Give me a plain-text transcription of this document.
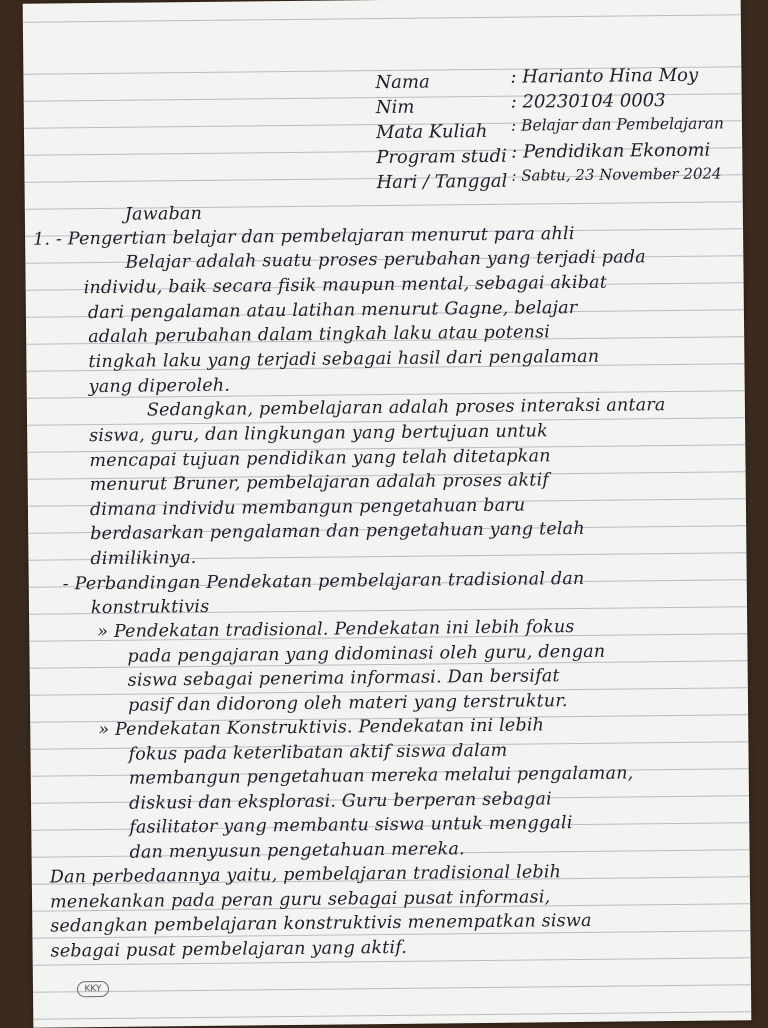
Nama	: Harianto Hina Moy
Nim	: 20230104 0003
Mata Kuliah : Belajar dan Pembelajaran
Program studi : Pendidikan Ekonomi
Hari / Tanggal : Sabtu, 23 November 2024
Jawaban
1. - Pengertian belajar dan pembelajaran menurut para ahli
Belajar adalah suatu proses perubahan yang terjadi pada
individu, baik secara fisik maupun mental, sebagai akibat
dari pengalaman atau latihan menurut Gagne, belajar
adalah perubahan dalam tingkah laku atau potensi
tingkah laku yang terjadi sebagai hasil dari pengalaman
yang diperoleh.
Sedangkan, pembelajaran adalah proses interaksi antara
siswa, guru, dan lingkungan yang bertujuan untuk
mencapai tujuan pendidikan yang telah ditetapkan
menurut Bruner, pembelajaran adalah proses aktif
dimana individu membangun pengetahuan baru
berdasarkan pengalaman dan pengetahuan yang telah
dimilikinya.
- Perbandingan Pendekatan pembelajaran tradisional dan
konstruktivis
» Pendekatan tradisional. Pendekatan ini lebih fokus
pada pengajaran yang didominasi oleh guru, dengan
siswa sebagai penerima informasi. Dan bersifat
pasif dan didorong oleh materi yang terstruktur.
» Pendekatan Konstruktivis. Pendekatan ini lebih
fokus pada keterlibatan aktif siswa dalam
membangun pengetahuan mereka melalui pengalaman,
diskusi dan eksplorasi. Guru berperan sebagai
fasilitator yang membantu siswa untuk menggali
dan menyusun pengetahuan mereka.
Dan perbedaannya yaitu, pembelajaran tradisional lebih
menekankan pada peran guru sebagai pusat informasi,
sedangkan pembelajaran konstruktivis menempatkan siswa
sebagai pusat pembelajaran yang aktif.
KKY
